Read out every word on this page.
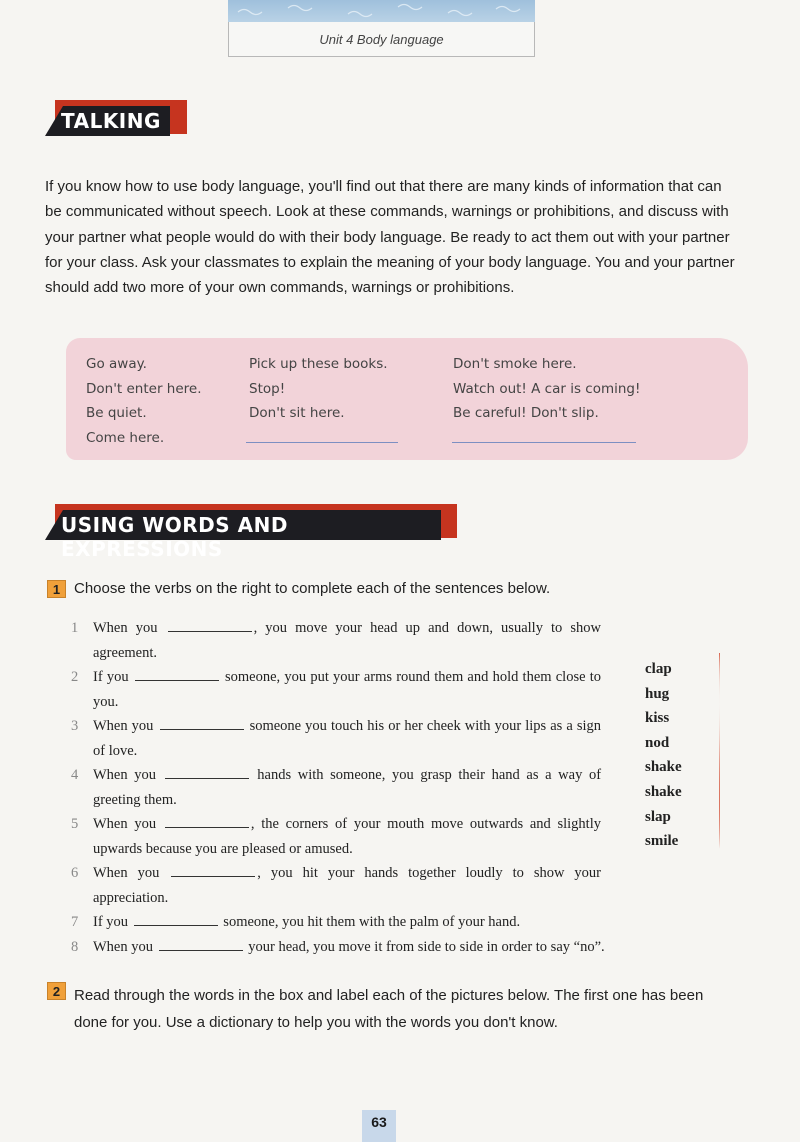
Unit 4 Body language
TALKING

If you know how to use body language, you'll find out that there are many kinds of information that can be communicated without speech. Look at these commands, warnings or prohibitions, and discuss with your partner what people would do with their body language. Be ready to act them out with your partner for your class. Ask your classmates to explain the meaning of your body language. You and your partner should add two more of your own commands, warnings or prohibitions.

Go away.
Don't enter here.
Be quiet.
Come here.
Pick up these books.
Stop!
Don't sit here.
Don't smoke here.
Watch out! A car is coming!
Be careful! Don't slip.
USING WORDS AND EXPRESSIONS
1 Choose the verbs on the right to complete each of the sentences below.
1	When you	, you move your head up and down, usually to show agreement.
2	If you	someone, you put your arms round them and hold them close to you.
3	When you	someone you touch his or her cheek with your lips as a sign of love.
4	When you	hands with someone, you grasp their hand as a way of greeting them.
5	When you	, the corners of your mouth move outwards and slightly upwards because you are pleased or amused.
6	When you	, you hit your hands together loudly to show your appreciation.
7	If you	someone, you hit them with the palm of your hand.
8	When you	your head, you move it from side to side in order to say “no”.
clap
hug
kiss
nod
shake
shake
slap
smile
2 Read through the words in the box and label each of the pictures below. The first one has been done for you. Use a dictionary to help you with the words you don't know.
63
